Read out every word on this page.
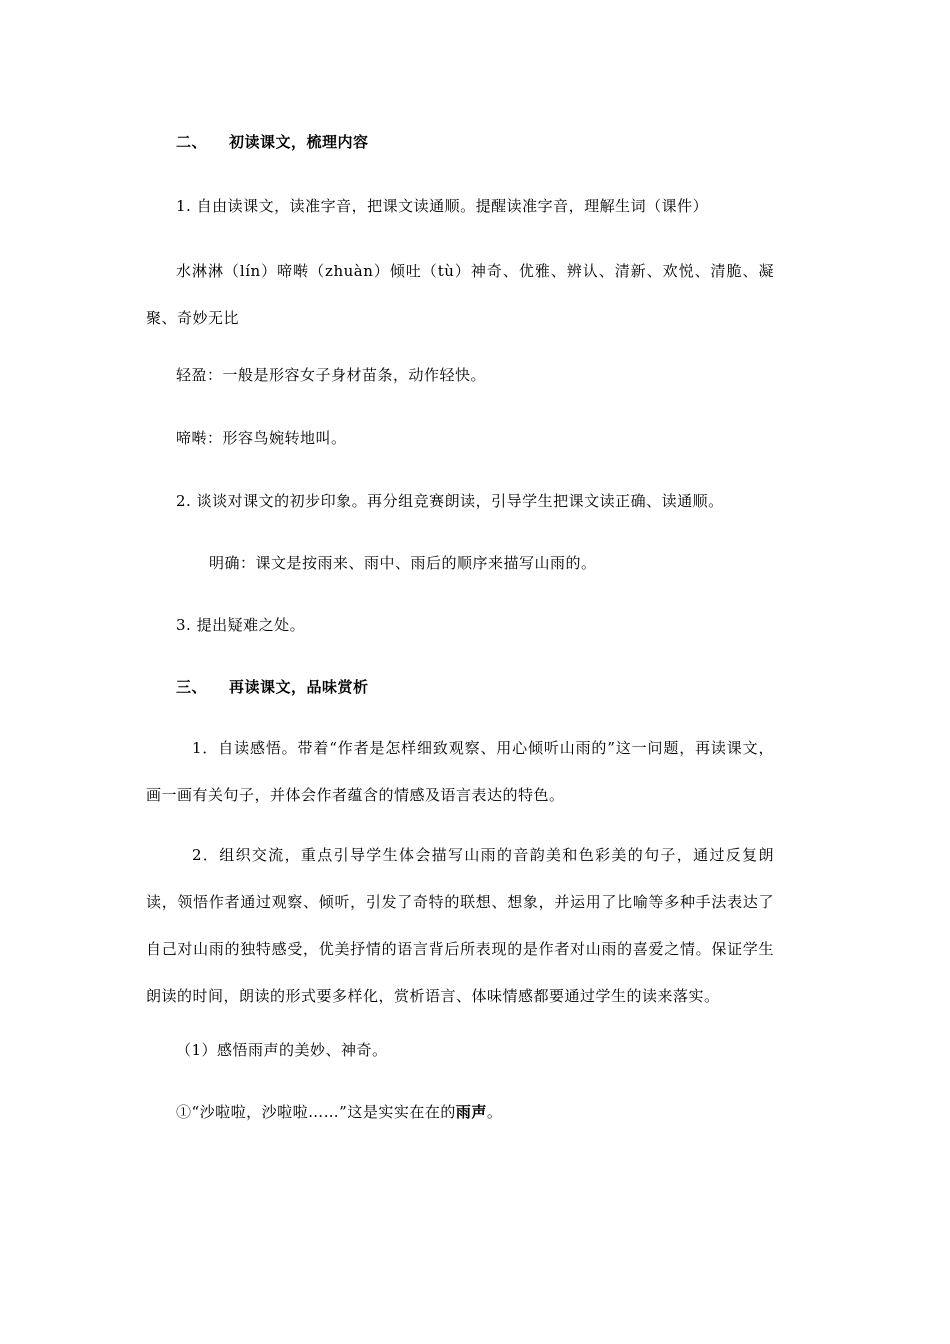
二、 初读课文，梳理内容
1. 自由读课文，读准字音，把课文读通顺。提醒读准字音，理解生词（课件）
水淋淋（lín）啼啭（zhuàn）倾吐（tù）神奇、优雅、辨认、清新、欢悦、清脆、凝聚、奇妙无比
轻盈：一般是形容女子身材苗条，动作轻快。
啼啭：形容鸟婉转地叫。
2. 谈谈对课文的初步印象。再分组竞赛朗读，引导学生把课文读正确、读通顺。
明确：课文是按雨来、雨中、雨后的顺序来描写山雨的。
3. 提出疑难之处。
三、 再读课文，品味赏析
1．自读感悟。带着“作者是怎样细致观察、用心倾听山雨的”这一问题，再读课文，画一画有关句子，并体会作者蕴含的情感及语言表达的特色。
2．组织交流，重点引导学生体会描写山雨的音韵美和色彩美的句子，通过反复朗读，领悟作者通过观察、倾听，引发了奇特的联想、想象，并运用了比喻等多种手法表达了自己对山雨的独特感受，优美抒情的语言背后所表现的是作者对山雨的喜爱之情。保证学生朗读的时间，朗读的形式要多样化，赏析语言、体味情感都要通过学生的读来落实。
（1）感悟雨声的美妙、神奇。
①“沙啦啦，沙啦啦……”这是实实在在的雨声。
